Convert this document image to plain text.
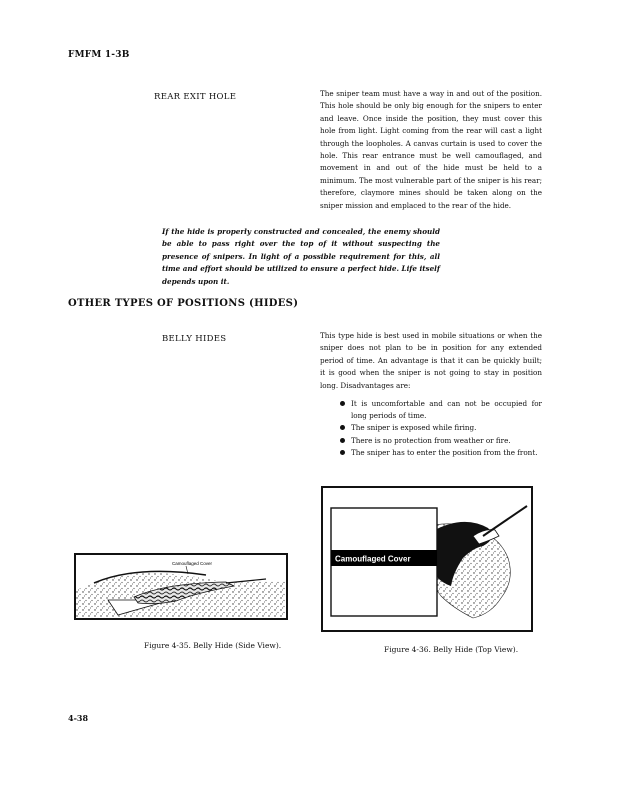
FMFM 1-3B
REAR EXIT HOLE	The sniper team must have a way in and out of the position. This hole should be only big enough for the snipers to enter and leave. Once inside the position, they must cover this hole from light. Light coming from the rear will cast a light through the loopholes. A canvas curtain is used to cover the hole. This rear entrance must be well camouflaged, and movement in and out of the hide must be held to a minimum. The most vulnerable part of the sniper is his rear; therefore, claymore mines should be taken along on the sniper mission and emplaced to the rear of the hide.
If the hide is properly constructed and concealed, the enemy should be able to pass right over the top of it without suspecting the presence of snipers. In light of a possible requirement for this, all time and effort should be utilized to ensure a perfect hide. Life itself depends upon it.
OTHER TYPES OF POSITIONS (HIDES)
BELLY HIDES	This type hide is best used in mobile situations or when the sniper does not plan to be in position for any extended period of time. An advantage is that it can be quickly built; it is good when the sniper is not going to stay in position long. Disadvantages are:
It is uncomfortable and can not be occupied for long periods of time.
The sniper is exposed while firing.
There is no protection from weather or fire.
The sniper has to enter the position from the front.
Camouflaged Cover
Figure 4-35. Belly Hide (Side View).
Camouflaged Cover
Figure 4-36. Belly Hide (Top View).
4-38
